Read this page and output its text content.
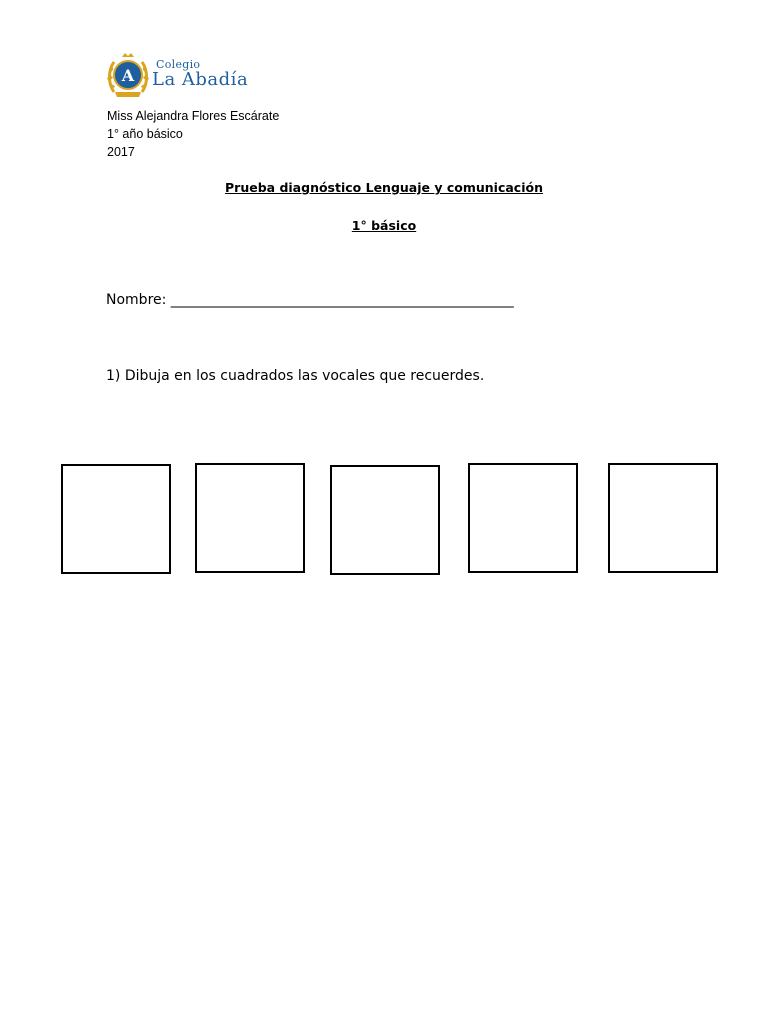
A
Colegio
La Abadía
Miss Alejandra Flores Escárate
1° año básico
2017
Prueba diagnóstico Lenguaje y comunicación
1° básico
Nombre: _________________________________________________
1) Dibuja en los cuadrados las vocales que recuerdes.
